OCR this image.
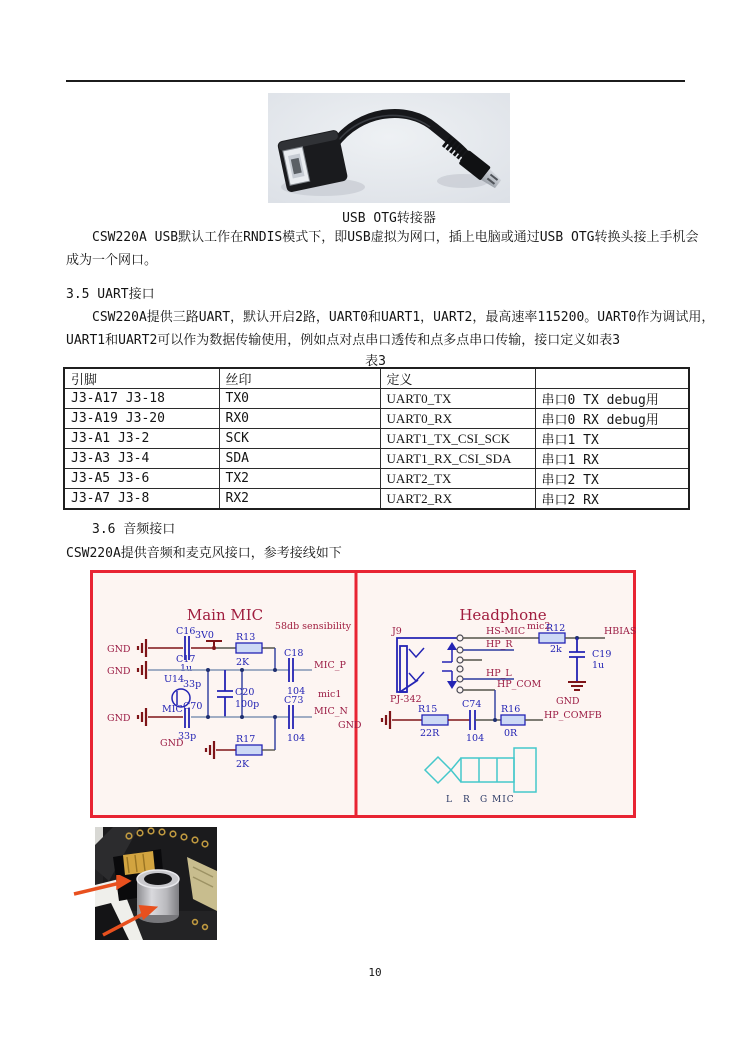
USB OTG转接器
CSW220A USB默认工作在RNDIS模式下，即USB虚拟为网口，插上电脑或通过USB OTG转换头接上手机会
成为一个网口。
3.5 UART接口
CSW220A提供三路UART，默认开启2路，UART0和UART1，UART2，最高速率115200。UART0作为调试用，
UART1和UART2可以作为数据传输使用，例如点对点串口透传和点多点串口传输，接口定义如表3
表3
引脚	丝印	定义	
J3-A17 J3-18	TX0	UART0_TX	串口0 TX debug用
J3-A19 J3-20	RX0	UART0_RX	串口0 RX debug用
J3-A1 J3-2	SCK	UART1_TX_CSI_SCK	串口1 TX
J3-A3 J3-4	SDA	UART1_RX_CSI_SDA	串口1 RX
J3-A5 J3-6	TX2	UART2_TX	串口2 TX
J3-A7 J3-8	RX2	UART2_RX	串口2 RX
3.6 音频接口
CSW220A提供音频和麦克风接口，参考接线如下
Main MIC
58db sensibility
GND
GND
GND
GND
GND
3V0 R13
2K
C16
C17
1u
33p
C18
104
MIC_P
U14
MIC C70
33p
C20
100p
mic1
C73
104
MIC_N
R17
2K
Headphone
mic2
J9
PJ-342
R12
2k
HS-MIC	HBIAS
C19
1u
GND
HP_R
HP_L
HP_COM
R15
22R
C74
104
R16
0R
HP_COMFB
L R G MIC
10
